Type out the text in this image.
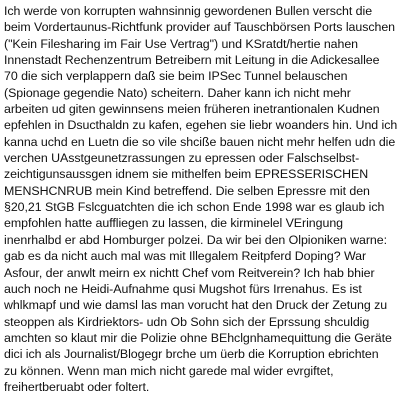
Ich werde von korrupten wahnsinnig gewordenen Bullen verscht die
beim Vordertaunus-Richtfunk provider auf Tauschbörsen Ports lauschen
("Kein Filesharing im Fair Use Vertrag") und KSratdt/hertie nahen
Innenstadt Rechenzentrum Betreibern mit Leitung in die Adickesallee
70 die sich verplappern daß sie beim IPSec Tunnel belauschen
(Spionage gegendie Nato) scheitern. Daher kann ich nicht mehr
arbeiten ud giten gewinnsens meien früheren inetrantionalen Kudnen
epfehlen in Dsucthaldn zu kafen, egehen sie liebr woanders hin. Und ich
kanna uchd en Luetn die so vile shciße bauen nicht mehr helfen udn die
verchen UAsstgeunetzrassungen zu epressen oder Falschselbst-
zeichtigunsaussgen idnem sie mithelfen beim EPRESSERISCHEN
MENSHCNRUB mein Kind betreffend. Die selben Epressre mit den
§20,21 StGB Fslcguatchten die ich schon Ende 1998 war es glaub ich
empfohlen hatte auffliegen zu lassen, die kirminelel VEringung
inenrhalbd er abd Homburger polzei. Da wir bei den Olpioniken warne:
gab es da nicht auch mal was mit Illegalem Reitpferd Doping? War
Asfour, der anwlt meirn ex nichtt Chef vom Reitverein? Ich hab bhier
auch noch ne Heidi-Aufnahme qusi Mugshot fürs Irrenahus. Es ist
whlkmapf und wie damsl las man vorucht hat den Druck der Zetung zu
steoppen als Kirdriektors- udn Ob Sohn sich der Eprssung shculdig
amchten so klaut mir die Polizie ohne BEhclgnhamequittung die Geräte
dici ich als Journalist/Blogegr brche um üerb die Korruption ebrichten
zu können. Wenn man mich nicht garede mal wider evrgiftet,
freihertberuabt oder foltert.
